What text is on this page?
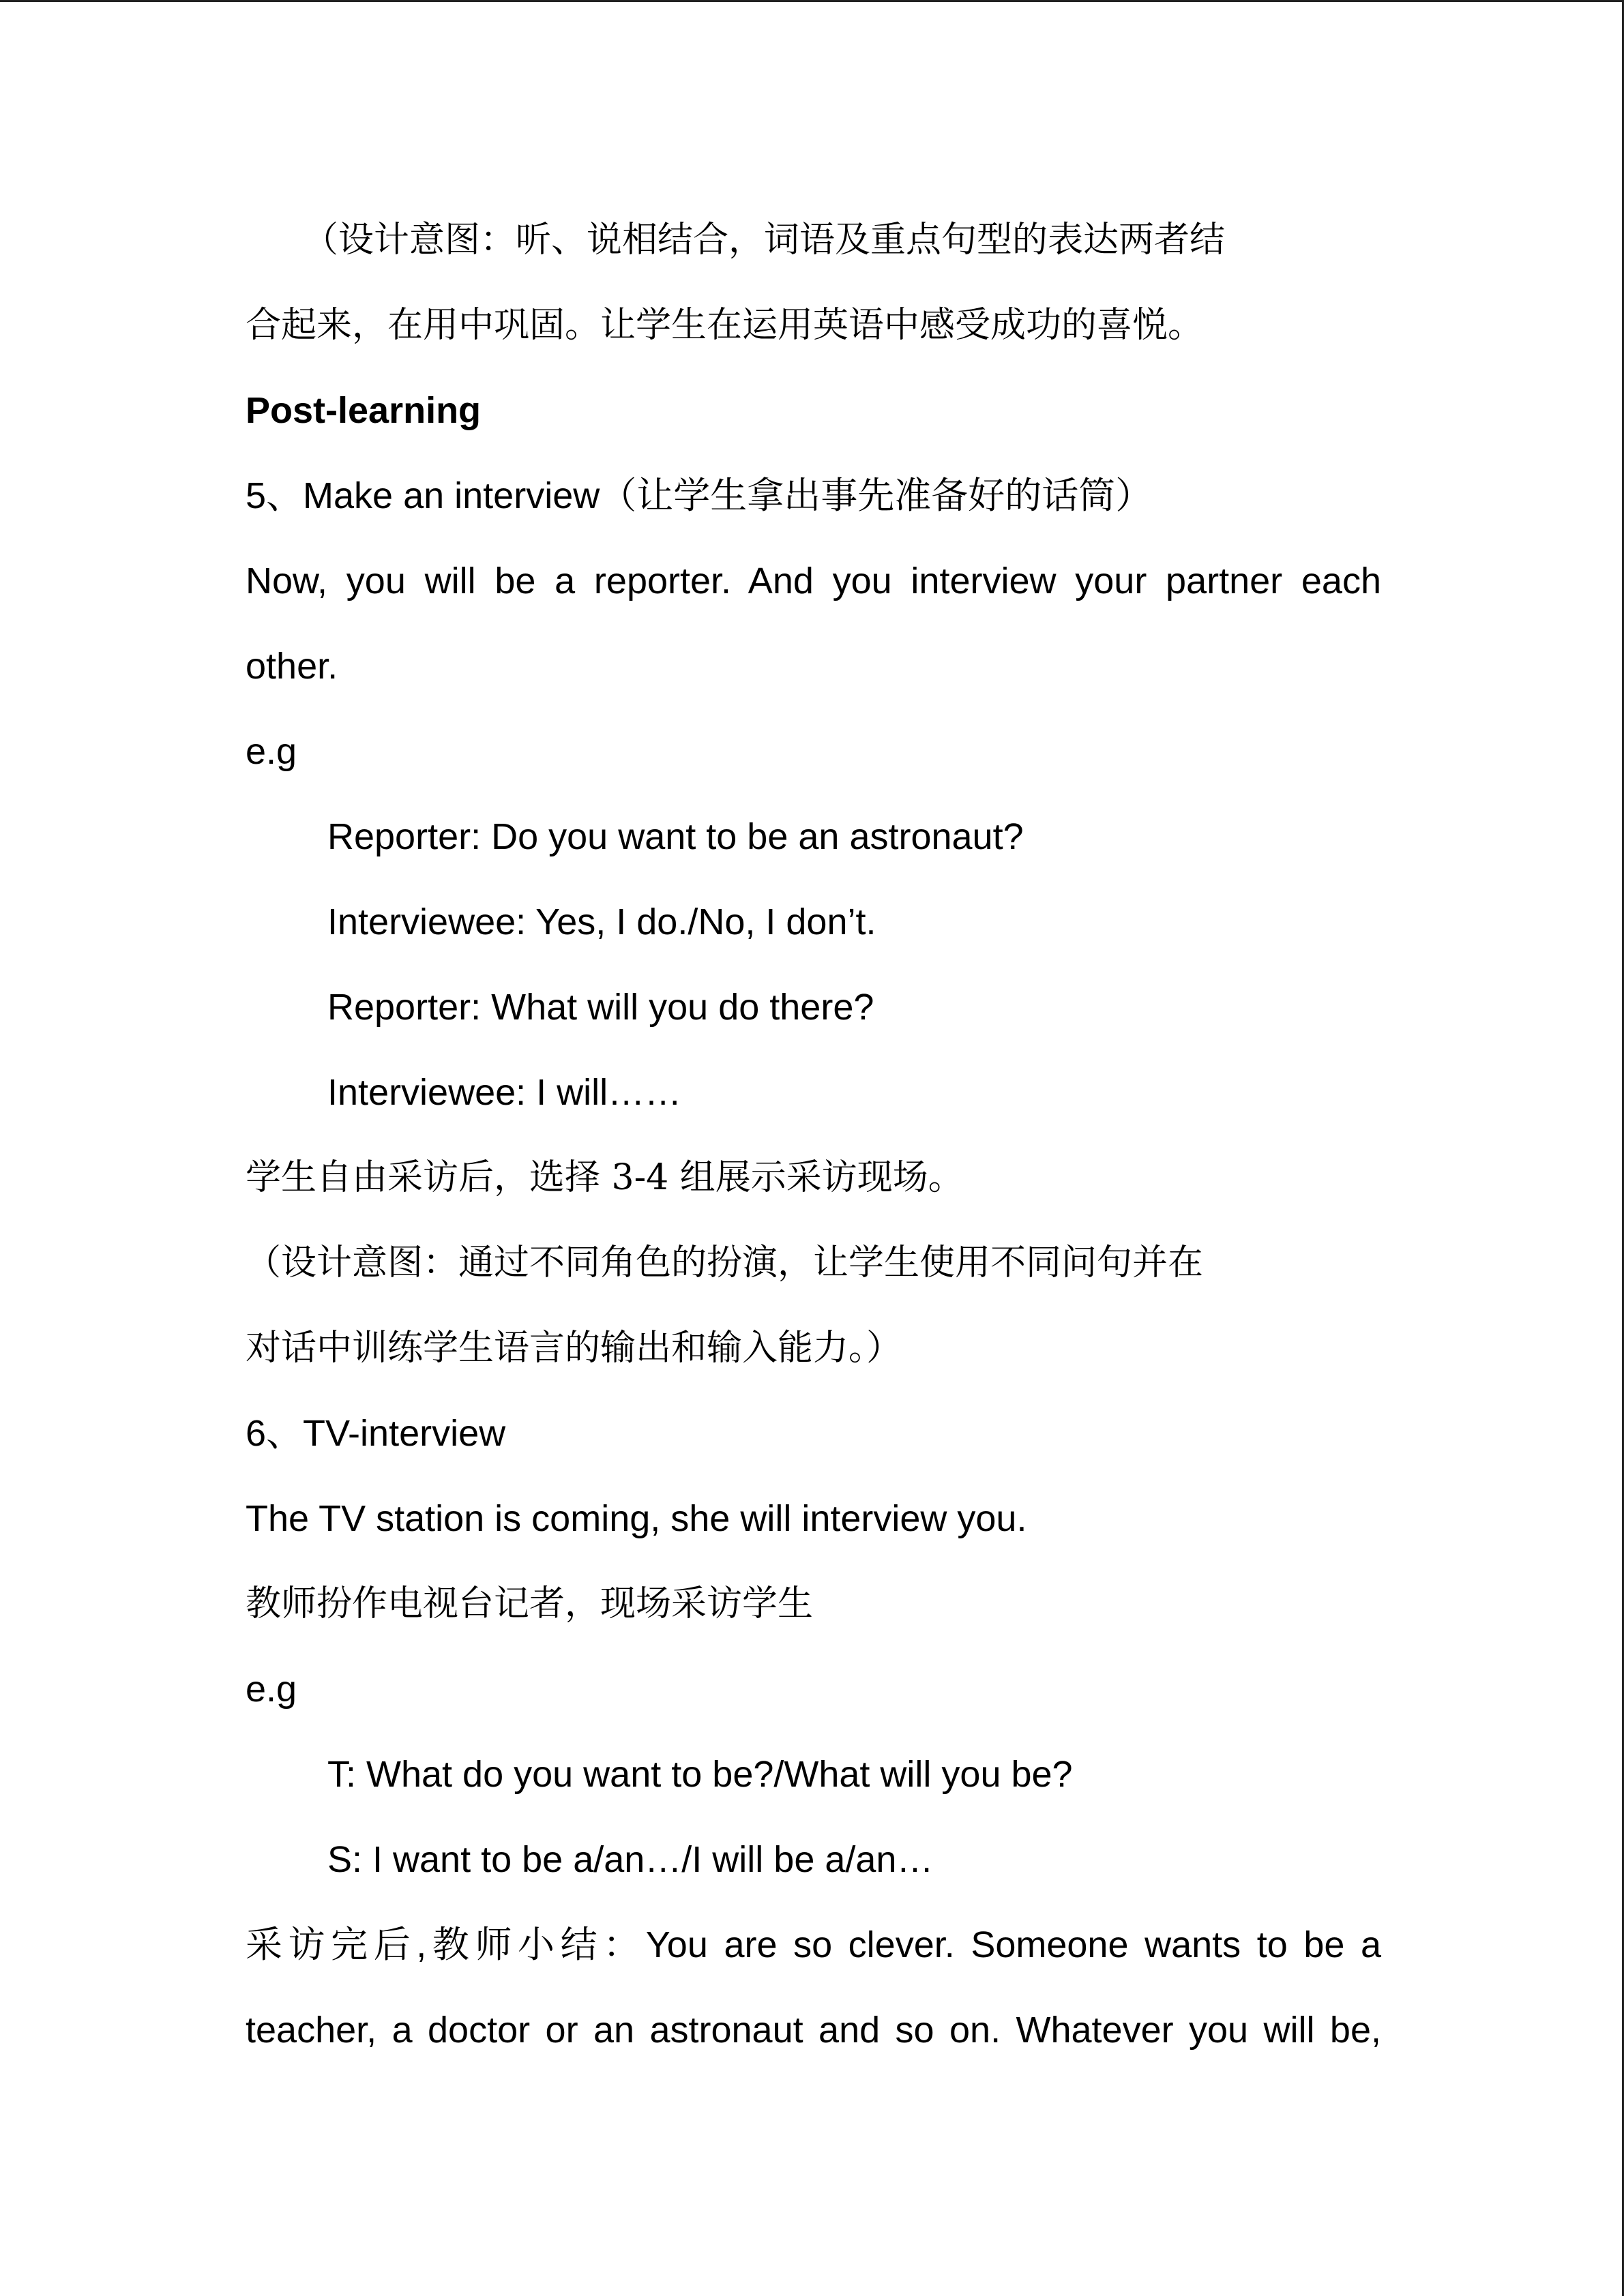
（设计意图：听、说相结合，词语及重点句型的表达两者结
合起来，在用中巩固。让学生在运用英语中感受成功的喜悦。
Post-learning
5、Make an interview（让学生拿出事先准备好的话筒）
Now, you will be a reporter. And you interview your partner each
other.
e.g
Reporter: Do you want to be an astronaut?
Interviewee: Yes, I do./No, I don’t.
Reporter: What will you do there?
Interviewee: I will……
学生自由采访后，选择 3-4 组展示采访现场。
（设计意图：通过不同角色的扮演，让学生使用不同问句并在
对话中训练学生语言的输出和输入能力。）
6、TV-interview
The TV station is coming, she will interview you.
教师扮作电视台记者，现场采访学生
e.g
T: What do you want to be?/What will you be?
S: I want to be a/an…/I will be a/an…
采访完后,教师小结：You are so clever. Someone wants to be a
teacher, a doctor or an astronaut and so on. Whatever you will be,
